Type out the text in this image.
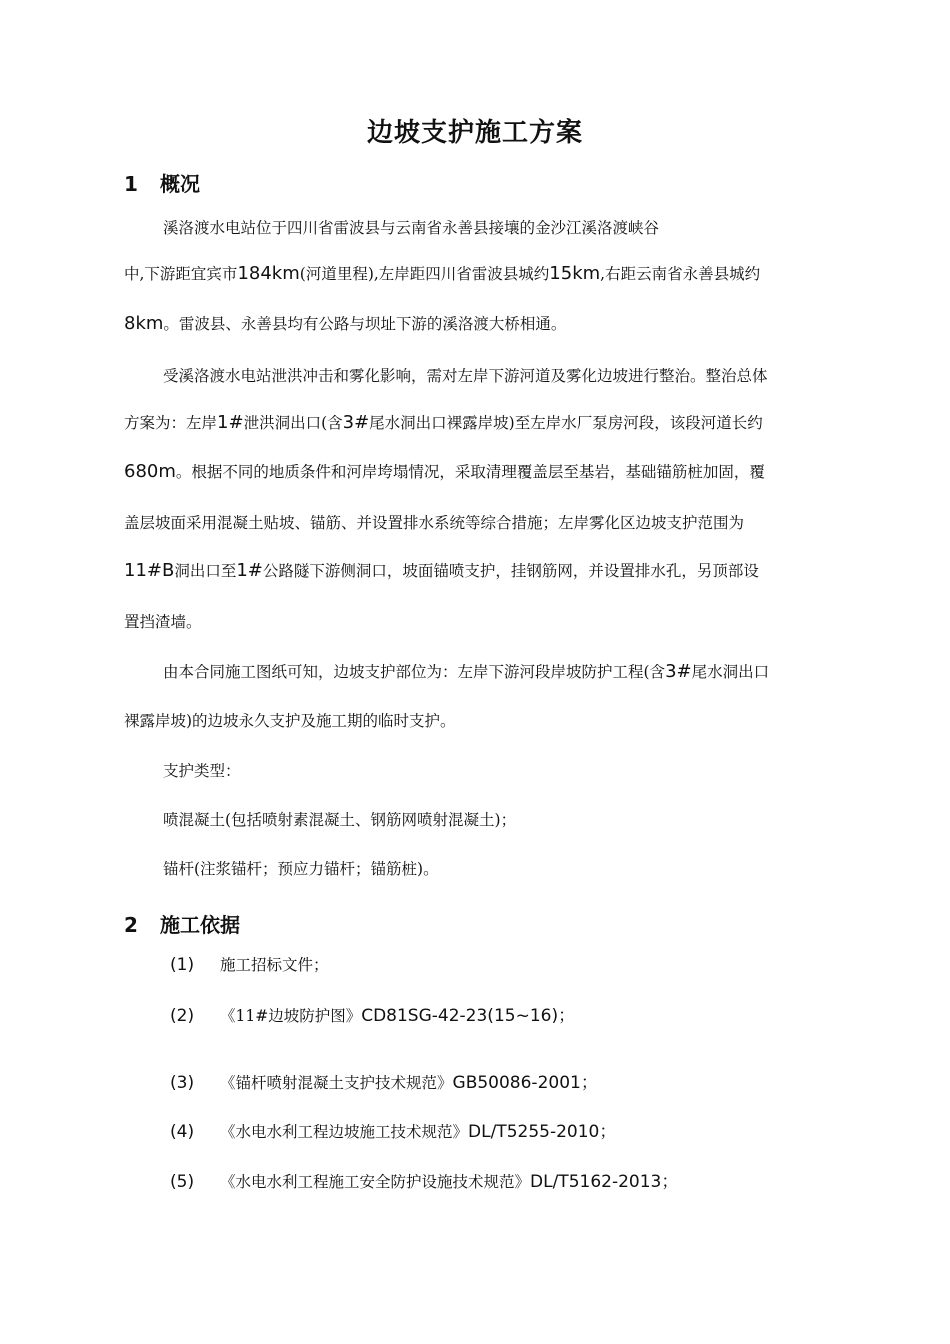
边坡支护施工方案
1 概况
溪洛渡水电站位于四川省雷波县与云南省永善县接壤的金沙江溪洛渡峡谷
中,下游距宜宾市184km(河道里程),左岸距四川省雷波县城约15km,右距云南省永善县城约
8km。雷波县、永善县均有公路与坝址下游的溪洛渡大桥相通。
受溪洛渡水电站泄洪冲击和雾化影响，需对左岸下游河道及雾化边坡进行整治。整治总体
方案为：左岸1#泄洪洞出口(含3#尾水洞出口裸露岸坡)至左岸水厂泵房河段，该段河道长约
680m。根据不同的地质条件和河岸垮塌情况，采取清理覆盖层至基岩，基础锚筋桩加固，覆
盖层坡面采用混凝土贴坡、锚筋、并设置排水系统等综合措施；左岸雾化区边坡支护范围为
11#B洞出口至1#公路隧下游侧洞口，坡面锚喷支护，挂钢筋网，并设置排水孔，另顶部设
置挡渣墙。
由本合同施工图纸可知，边坡支护部位为：左岸下游河段岸坡防护工程(含3#尾水洞出口
裸露岸坡)的边坡永久支护及施工期的临时支护。
支护类型：
喷混凝土(包括喷射素混凝土、钢筋网喷射混凝土)；
锚杆(注浆锚杆；预应力锚杆；锚筋桩)。
2 施工依据
(1) 施工招标文件；
(2) 《11#边坡防护图》CD81SG-42-23(15~16)；
(3) 《锚杆喷射混凝土支护技术规范》GB50086-2001；
(4) 《水电水利工程边坡施工技术规范》DL/T5255-2010；
(5) 《水电水利工程施工安全防护设施技术规范》DL/T5162-2013；
